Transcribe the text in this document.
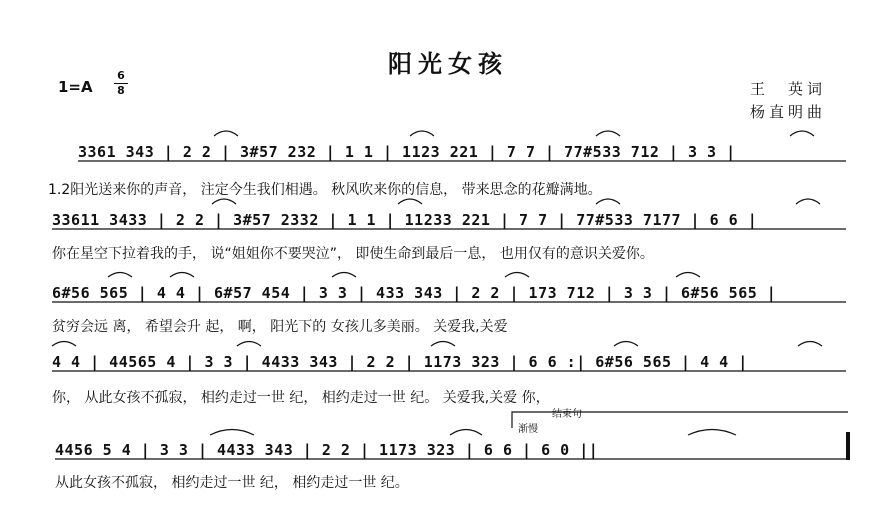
阳光女孩
1=A
6
8	王　英词
杨直明曲
3361 343 | 2 2 | 3#57 232 | 1 1 | 1123 221 | 7 7 | 77#533 712 | 3 3 |
1.2阳光送来你的声音， 注定今生我们相遇。 秋风吹来你的信息， 带来思念的花瓣满地。
33611 3433 | 2 2 | 3#57 2332 | 1 1 | 11233 221 | 7 7 | 77#533 7177 | 6 6 |
你在星空下拉着我的手， 说“姐姐你不要哭泣”， 即使生命到最后一息， 也用仅有的意识关爱你。
6#56 565 | 4 4 | 6#57 454 | 3 3 | 433 343 | 2 2 | 173 712 | 3 3 | 6#56 565 |
贫穷会远 离， 希望会升 起， 啊， 阳光下的 女孩儿多美丽。 关爱我,关爱
4 4 | 44565 4 | 3 3 | 4433 343 | 2 2 | 1173 323 | 6 6 :| 6#56 565 | 4 4 |
你， 从此女孩不孤寂， 相约走过一世 纪， 相约走过一世 纪。 关爱我,关爱 你，
结束句
渐慢
4456 5 4 | 3 3 | 4433 343 | 2 2 | 1173 323 | 6 6 | 6 0 ||
从此女孩不孤寂， 相约走过一世 纪， 相约走过一世 纪。
